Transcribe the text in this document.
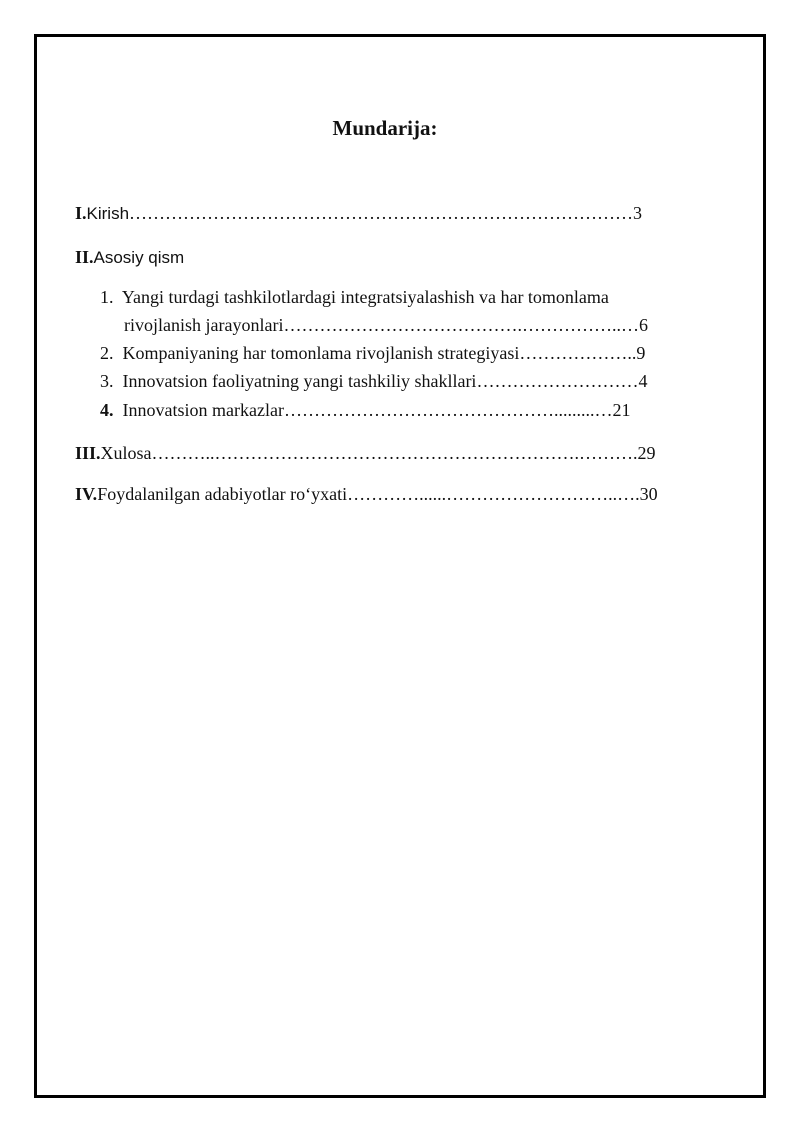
Mundarija:

I.Kirish…………………………………………………………………………3

II.Asosiy qism

1. Yangi turdagi tashkilotlardagi integratsiyalashish va har tomonlama

rivojlanish jarayonlari………………………………….……………..…6

2. Kompaniyaning har tomonlama rivojlanish strategiyasi………………..9

3. Innovatsion faoliyatning yangi tashkiliy shakllari………………………4

4. Innovatsion markazlar……………………………………….........…21

III.Xulosa………..…………………………………………………….……….29

IV.Foydalanilgan adabiyotlar ro‘yxati…………......………………………..….30
